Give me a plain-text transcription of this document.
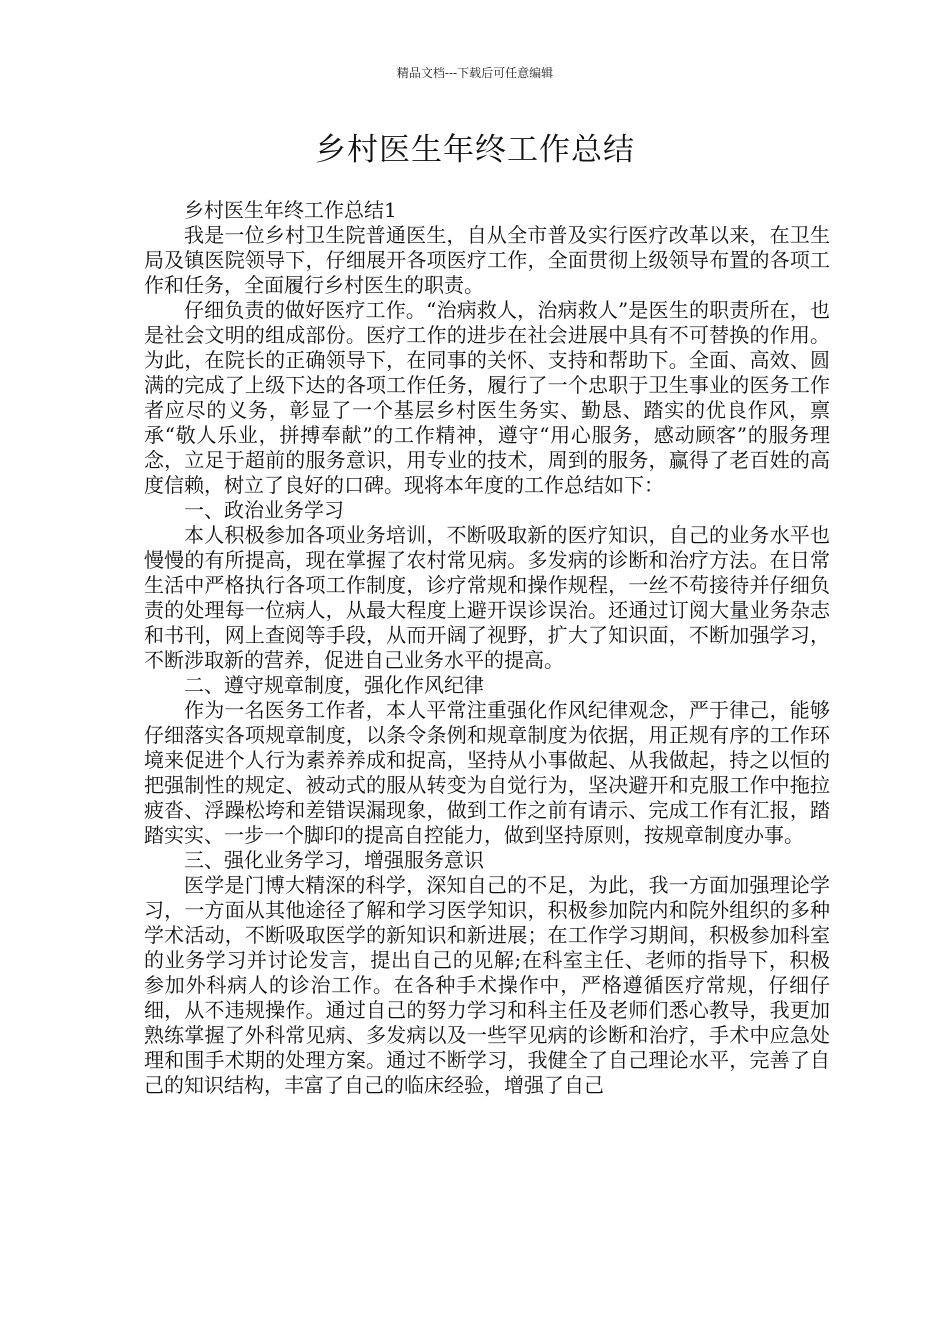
精品文档---下载后可任意编辑
乡村医生年终工作总结

乡村医生年终工作总结1

我是一位乡村卫生院普通医生，自从全市普及实行医疗改革以来，在卫生局及镇医院领导下，仔细展开各项医疗工作，全面贯彻上级领导布置的各项工作和任务，全面履行乡村医生的职责。

仔细负责的做好医疗工作。“治病救人，治病救人”是医生的职责所在，也是社会文明的组成部份。医疗工作的进步在社会进展中具有不可替换的作用。为此，在院长的正确领导下，在同事的关怀、支持和帮助下。全面、高效、圆满的完成了上级下达的各项工作任务，履行了一个忠职于卫生事业的医务工作者应尽的义务，彰显了一个基层乡村医生务实、勤恳、踏实的优良作风，禀承“敬人乐业，拼搏奉献”的工作精神，遵守“用心服务，感动顾客”的服务理念，立足于超前的服务意识，用专业的技术，周到的服务，赢得了老百姓的高度信赖，树立了良好的口碑。现将本年度的工作总结如下：

一、政治业务学习

本人积极参加各项业务培训，不断吸取新的医疗知识，自己的业务水平也慢慢的有所提高，现在掌握了农村常见病。多发病的诊断和治疗方法。在日常生活中严格执行各项工作制度，诊疗常规和操作规程，一丝不苟接待并仔细负责的处理每一位病人，从最大程度上避开误诊误治。还通过订阅大量业务杂志和书刊，网上查阅等手段，从而开阔了视野，扩大了知识面，不断加强学习，不断涉取新的营养，促进自己业务水平的提高。

二、遵守规章制度，强化作风纪律

作为一名医务工作者，本人平常注重强化作风纪律观念，严于律己，能够仔细落实各项规章制度，以条令条例和规章制度为依据，用正规有序的工作环境来促进个人行为素养养成和捉高，坚持从小事做起、从我做起，持之以恒的把强制性的规定、被动式的服从转变为自觉行为，坚决避开和克服工作中拖拉疲沓、浮躁松垮和差错误漏现象，做到工作之前有请示、完成工作有汇报，踏踏实实、一步一个脚印的提高自控能力，做到坚持原则，按规章制度办事。

三、强化业务学习，增强服务意识

医学是门博大精深的科学，深知自己的不足，为此，我一方面加强理论学习，一方面从其他途径了解和学习医学知识，积极参加院内和院外组织的多种学术活动，不断吸取医学的新知识和新进展；在工作学习期间，积极参加科室的业务学习并讨论发言，提出自己的见解;在科室主任、老师的指导下，积极参加外科病人的诊治工作。在各种手术操作中，严格遵循医疗常规，仔细仔细，从不违规操作。通过自己的努力学习和科主任及老师们悉心教导，我更加熟练掌握了外科常见病、多发病以及一些罕见病的诊断和治疗，手术中应急处理和围手术期的处理方案。通过不断学习，我健全了自己理论水平，完善了自己的知识结构，丰富了自己的临床经验，增强了自己
